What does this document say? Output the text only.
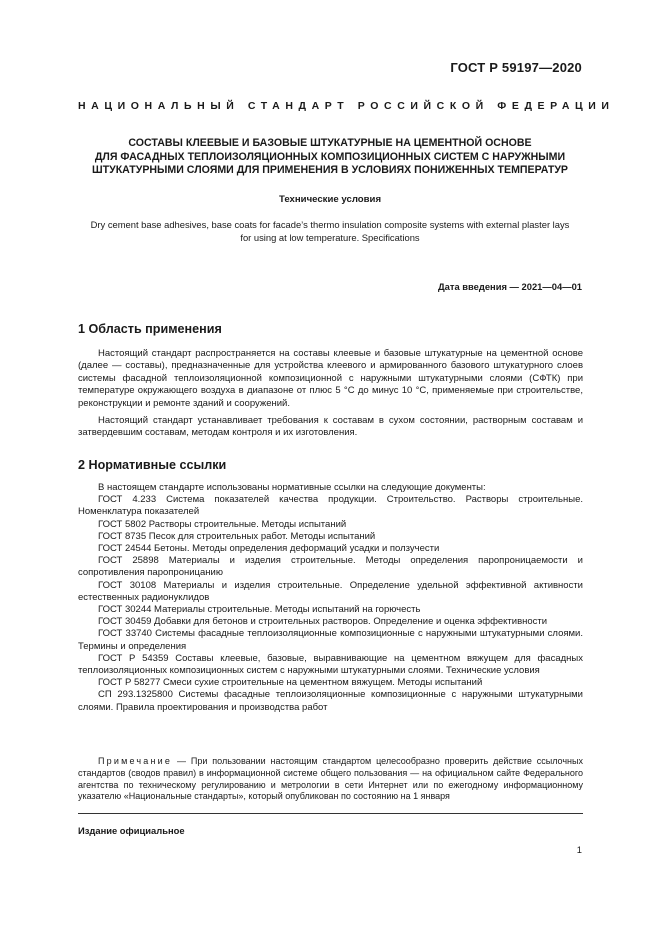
ГОСТ Р 59197—2020
НАЦИОНАЛЬНЫЙ СТАНДАРТ РОССИЙСКОЙ ФЕДЕРАЦИИ
СОСТАВЫ КЛЕЕВЫЕ И БАЗОВЫЕ ШТУКАТУРНЫЕ НА ЦЕМЕНТНОЙ ОСНОВЕ
ДЛЯ ФАСАДНЫХ ТЕПЛОИЗОЛЯЦИОННЫХ КОМПОЗИЦИОННЫХ СИСТЕМ С НАРУЖНЫМИ
ШТУКАТУРНЫМИ СЛОЯМИ ДЛЯ ПРИМЕНЕНИЯ В УСЛОВИЯХ ПОНИЖЕННЫХ ТЕМПЕРАТУР
Технические условия
Dry cement base adhesives, base coats for facade’s thermo insulation composite systems with external plaster lays
for using at low temperature. Specifications
Дата введения — 2021—04—01
1 Область применения
Настоящий стандарт распространяется на составы клеевые и базовые штукатурные на цементной основе (далее — составы), предназначенные для устройства клеевого и армированного базового штукатурного слоев системы фасадной теплоизоляционной композиционной с наружными штукатурными слоями (СФТК) при температуре окружающего воздуха в диапазоне от плюс 5 °С до минус 10 °С, применяемые при строительстве, реконструкции и ремонте зданий и сооружений.
Настоящий стандарт устанавливает требования к составам в сухом состоянии, растворным составам и затвердевшим составам, методам контроля и их изготовления.
2 Нормативные ссылки
В настоящем стандарте использованы нормативные ссылки на следующие документы:
ГОСТ 4.233 Система показателей качества продукции. Строительство. Растворы строительные. Номенклатура показателей
ГОСТ 5802 Растворы строительные. Методы испытаний
ГОСТ 8735 Песок для строительных работ. Методы испытаний
ГОСТ 24544 Бетоны. Методы определения деформаций усадки и ползучести
ГОСТ 25898 Материалы и изделия строительные. Методы определения паропроницаемости и сопротивления паропроницанию
ГОСТ 30108 Материалы и изделия строительные. Определение удельной эффективной активности естественных радионуклидов
ГОСТ 30244 Материалы строительные. Методы испытаний на горючесть
ГОСТ 30459 Добавки для бетонов и строительных растворов. Определение и оценка эффективности
ГОСТ 33740 Системы фасадные теплоизоляционные композиционные с наружными штукатурными слоями. Термины и определения
ГОСТ Р 54359 Составы клеевые, базовые, выравнивающие на цементном вяжущем для фасадных теплоизоляционных композиционных систем с наружными штукатурными слоями. Технические условия
ГОСТ Р 58277 Смеси сухие строительные на цементном вяжущем. Методы испытаний
СП 293.1325800 Системы фасадные теплоизоляционные композиционные с наружными штукатурными слоями. Правила проектирования и производства работ
Примечание — При пользовании настоящим стандартом целесообразно проверить действие ссылочных стандартов (сводов правил) в информационной системе общего пользования — на официальном сайте Федерального агентства по техническому регулированию и метрологии в сети Интернет или по ежегодному информационному указателю «Национальные стандарты», который опубликован по состоянию на 1 января
Издание официальное
1
